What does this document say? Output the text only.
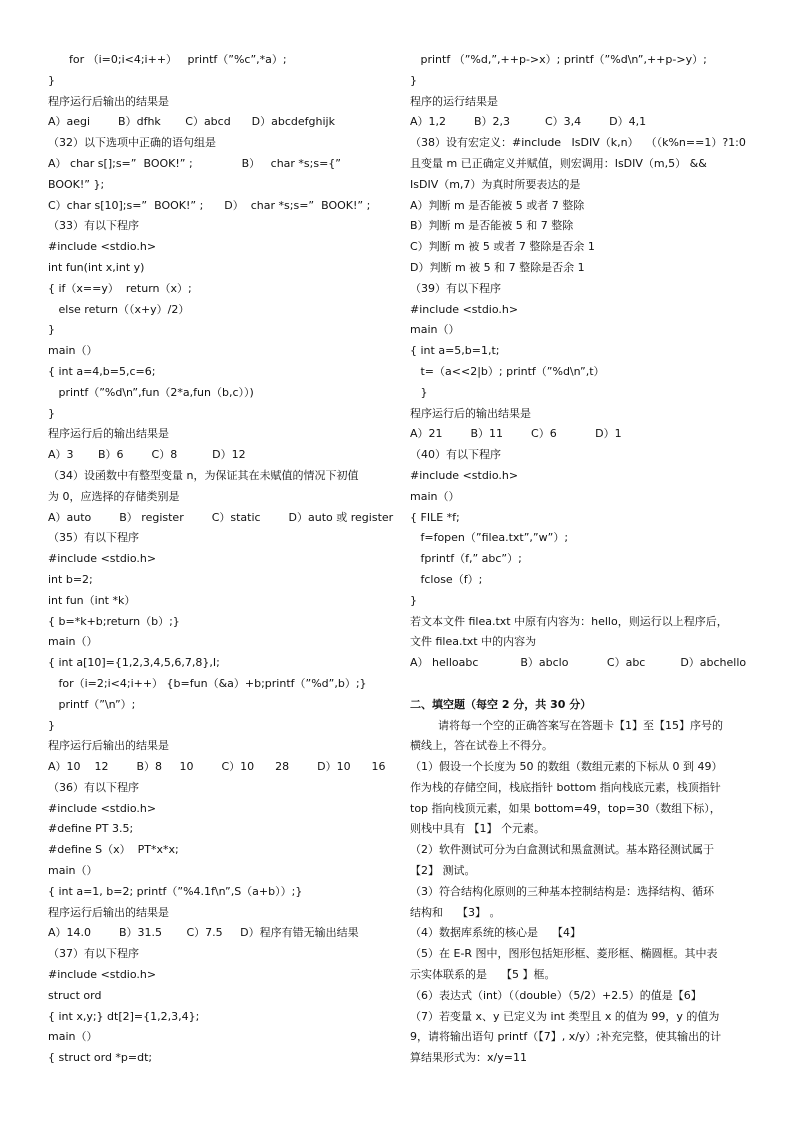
for （i=0;i<4;i++）   printf（”%c”,*a）;
}
程序运行后输出的结果是
A）aegi        B）dfhk       C）abcd      D）abcdefghijk
（32）以下选项中正确的语句组是
A） char s[];s=”  BOOK!” ;              B）   char *s;s={”
BOOK!” };
C）char s[10];s=”  BOOK!” ;      D）  char *s;s=”  BOOK!” ;
（33）有以下程序
#include <stdio.h>
int fun(int x,int y)
{ if（x==y）  return（x）;
else return（（x+y）/2）
}
main（）
{ int a=4,b=5,c=6;
printf（”%d\n”,fun（2*a,fun（b,c））)
}
程序运行后的输出结果是
A）3       B）6        C）8          D）12
（34）设函数中有整型变量 n，为保证其在未赋值的情况下初值
为 0，应选择的存储类别是
A）auto        B） register        C）static        D）auto 或 register
（35）有以下程序
#include <stdio.h>
int b=2;
int fun（int *k）
{ b=*k+b;return（b）;}
main（）
{ int a[10]={1,2,3,4,5,6,7,8},I;
for（i=2;i<4;i++） {b=fun（&a）+b;printf（”%d”,b）;}
printf（”\n”）;
}
程序运行后输出的结果是
A）10    12        B）8     10        C）10      28        D）10      16
（36）有以下程序
#include <stdio.h>
#define PT 3.5;
#define S（x）  PT*x*x;
main（）
{ int a=1, b=2; printf（”%4.1f\n”,S（a+b））;}
程序运行后输出的结果是
A）14.0        B）31.5       C）7.5     D）程序有错无输出结果
（37）有以下程序
#include <stdio.h>
struct ord
{ int x,y;} dt[2]={1,2,3,4};
main（）
{ struct ord *p=dt;
printf （”%d,”,++p->x）; printf（”%d\n”,++p->y）;
}
程序的运行结果是
A）1,2        B）2,3          C）3,4        D）4,1
（38）设有宏定义：#include   IsDIV（k,n）  （（k%n==1）?1:0
且变量 m 已正确定义并赋值，则宏调用：IsDIV（m,5） &&
IsDIV（m,7）为真时所要表达的是
A）判断 m 是否能被 5 或者 7 整除
B）判断 m 是否能被 5 和 7 整除
C）判断 m 被 5 或者 7 整除是否余 1
D）判断 m 被 5 和 7 整除是否余 1
（39）有以下程序
#include <stdio.h>
main（）
{ int a=5,b=1,t;
t=（a<<2|b）; printf（”%d\n”,t）
}
程序运行后的输出结果是
A）21        B）11        C）6           D）1
（40）有以下程序
#include <stdio.h>
main（）
{ FILE *f;
f=fopen（”filea.txt”,”w”）;
fprintf（f,” abc”）;
fclose（f）;
}
若文本文件 filea.txt 中原有内容为：hello，则运行以上程序后，
文件 filea.txt 中的内容为
A） helloabc            B）abclo           C）abc          D）abchello
二、填空题（每空 2 分，共 30 分）
请将每一个空的正确答案写在答题卡【1】至【15】序号的
横线上，答在试卷上不得分。
（1）假设一个长度为 50 的数组（数组元素的下标从 0 到 49）
作为栈的存储空间，栈底指针 bottom 指向栈底元素，栈顶指针
top 指向栈顶元素，如果 bottom=49，top=30（数组下标），
则栈中具有 【1】 个元素。
（2）软件测试可分为白盒测试和黑盒测试。基本路径测试属于
【2】 测试。
（3）符合结构化原则的三种基本控制结构是：选择结构、循环
结构和    【3】 。
（4）数据库系统的核心是    【4】
（5）在 E-R 图中，图形包括矩形框、菱形框、椭圆框。其中表
示实体联系的是    【5 】框。
（6）表达式（int）（（double）（5/2）+2.5）的值是【6】
（7）若变量 x、y 已定义为 int 类型且 x 的值为 99，y 的值为
9，请将输出语句 printf（【7】, x/y）;补充完整，使其输出的计
算结果形式为：x/y=11
